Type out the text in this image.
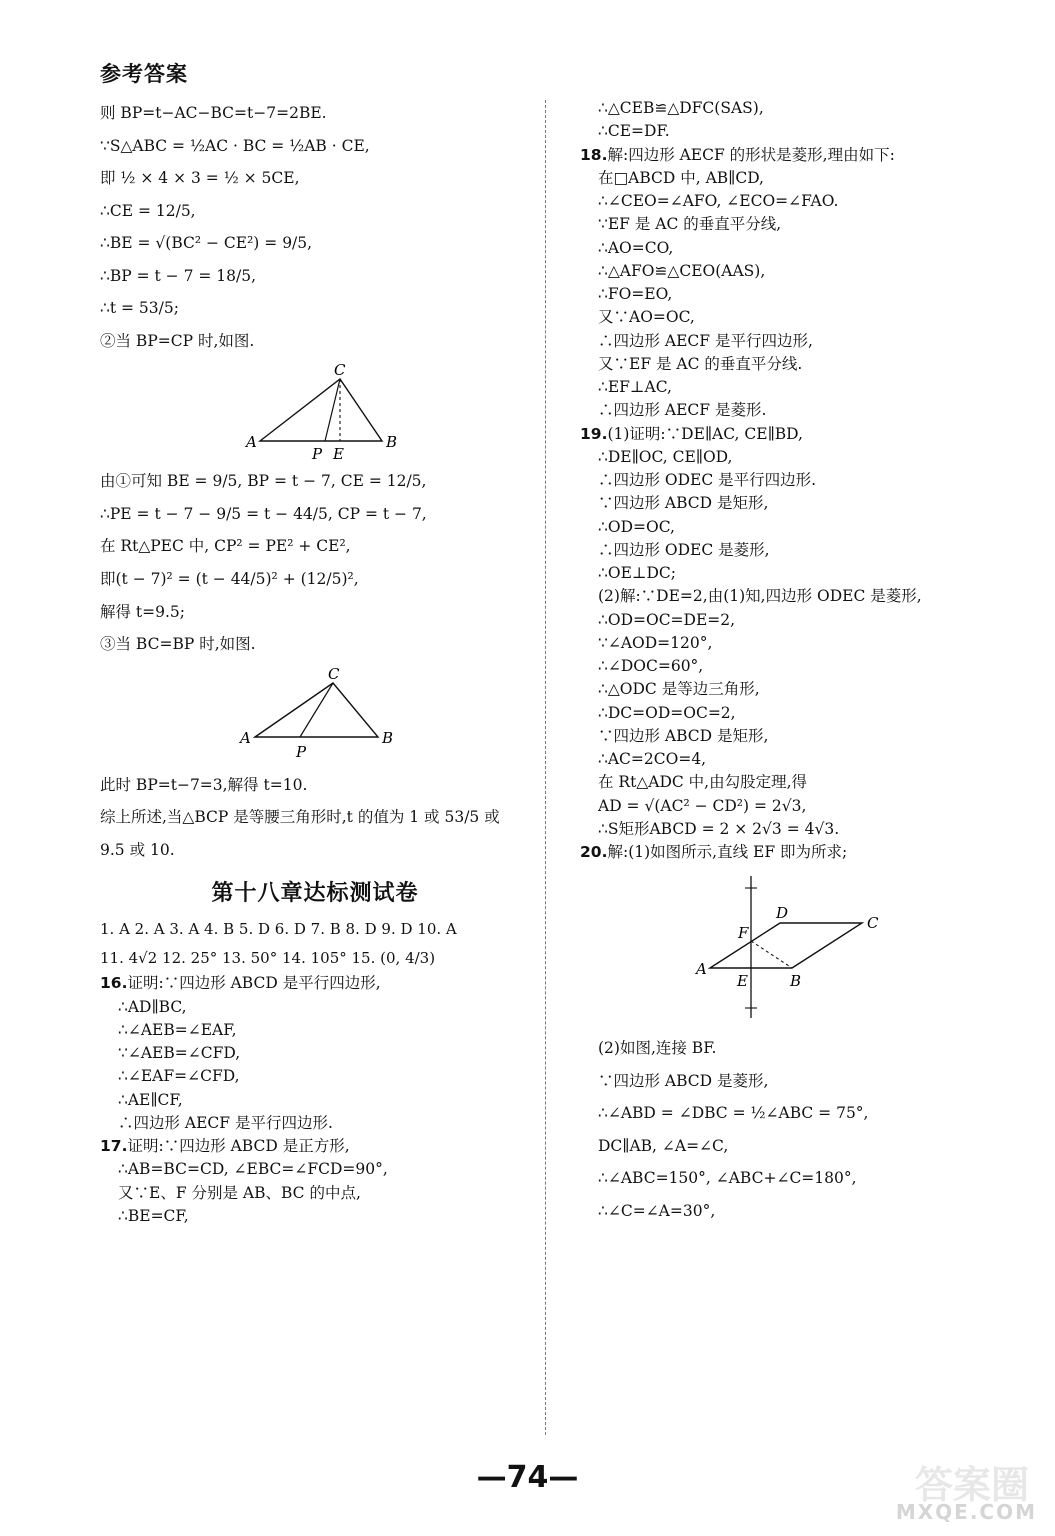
参考答案
则 BP=t−AC−BC=t−7=2BE.
∵S△ABC = ½AC · BC = ½AB · CE,
即 ½ × 4 × 3 = ½ × 5CE,
∴CE = 12/5,
∴BE = √(BC² − CE²) = 9/5,
∴BP = t − 7 = 18/5,
∴t = 53/5;
②当 BP=CP 时,如图.
C
A
P E
B
由①可知 BE = 9/5, BP = t − 7, CE = 12/5,
∴PE = t − 7 − 9/5 = t − 44/5, CP = t − 7,
在 Rt△PEC 中, CP² = PE² + CE²,
即(t − 7)² = (t − 44/5)² + (12/5)²,
解得 t=9.5;
③当 BC=BP 时,如图.
C
A
P
B
此时 BP=t−7=3,解得 t=10.
综上所述,当△BCP 是等腰三角形时,t 的值为 1 或 53/5 或
9.5 或 10.
第十八章达标测试卷
1. A 2. A 3. A 4. B 5. D 6. D 7. B 8. D 9. D 10. A
11. 4√2 12. 25° 13. 50° 14. 105° 15. (0, 4/3)
16.证明:∵四边形 ABCD 是平行四边形,
∴AD∥BC,
∴∠AEB=∠EAF,
∵∠AEB=∠CFD,
∴∠EAF=∠CFD,
∴AE∥CF,
∴四边形 AECF 是平行四边形.
17.证明:∵四边形 ABCD 是正方形,
∴AB=BC=CD, ∠EBC=∠FCD=90°,
又∵E、F 分别是 AB、BC 的中点,
∴BE=CF,
∴△CEB≌△DFC(SAS),
∴CE=DF.
18.解:四边形 AECF 的形状是菱形,理由如下:
在□ABCD 中, AB∥CD,
∴∠CEO=∠AFO, ∠ECO=∠FAO.
∵EF 是 AC 的垂直平分线,
∴AO=CO,
∴△AFO≌△CEO(AAS),
∴FO=EO,
又∵AO=OC,
∴四边形 AECF 是平行四边形,
又∵EF 是 AC 的垂直平分线.
∴EF⊥AC,
∴四边形 AECF 是菱形.
19.(1)证明:∵DE∥AC, CE∥BD,
∴DE∥OC, CE∥OD,
∴四边形 ODEC 是平行四边形.
∵四边形 ABCD 是矩形,
∴OD=OC,
∴四边形 ODEC 是菱形,
∴OE⊥DC;
(2)解:∵DE=2,由(1)知,四边形 ODEC 是菱形,
∴OD=OC=DE=2,
∵∠AOD=120°,
∴∠DOC=60°,
∴△ODC 是等边三角形,
∴DC=OD=OC=2,
∵四边形 ABCD 是矩形,
∴AC=2CO=4,
在 Rt△ADC 中,由勾股定理,得
AD = √(AC² − CD²) = 2√3,
∴S矩形ABCD = 2 × 2√3 = 4√3.
20.解:(1)如图所示,直线 EF 即为所求;
D
C
F
A
E	B
(2)如图,连接 BF.
∵四边形 ABCD 是菱形,
∴∠ABD = ∠DBC = ½∠ABC = 75°,
DC∥AB, ∠A=∠C,
∴∠ABC=150°, ∠ABC+∠C=180°,
∴∠C=∠A=30°,
—74—	答案圈
MXQE.COM
